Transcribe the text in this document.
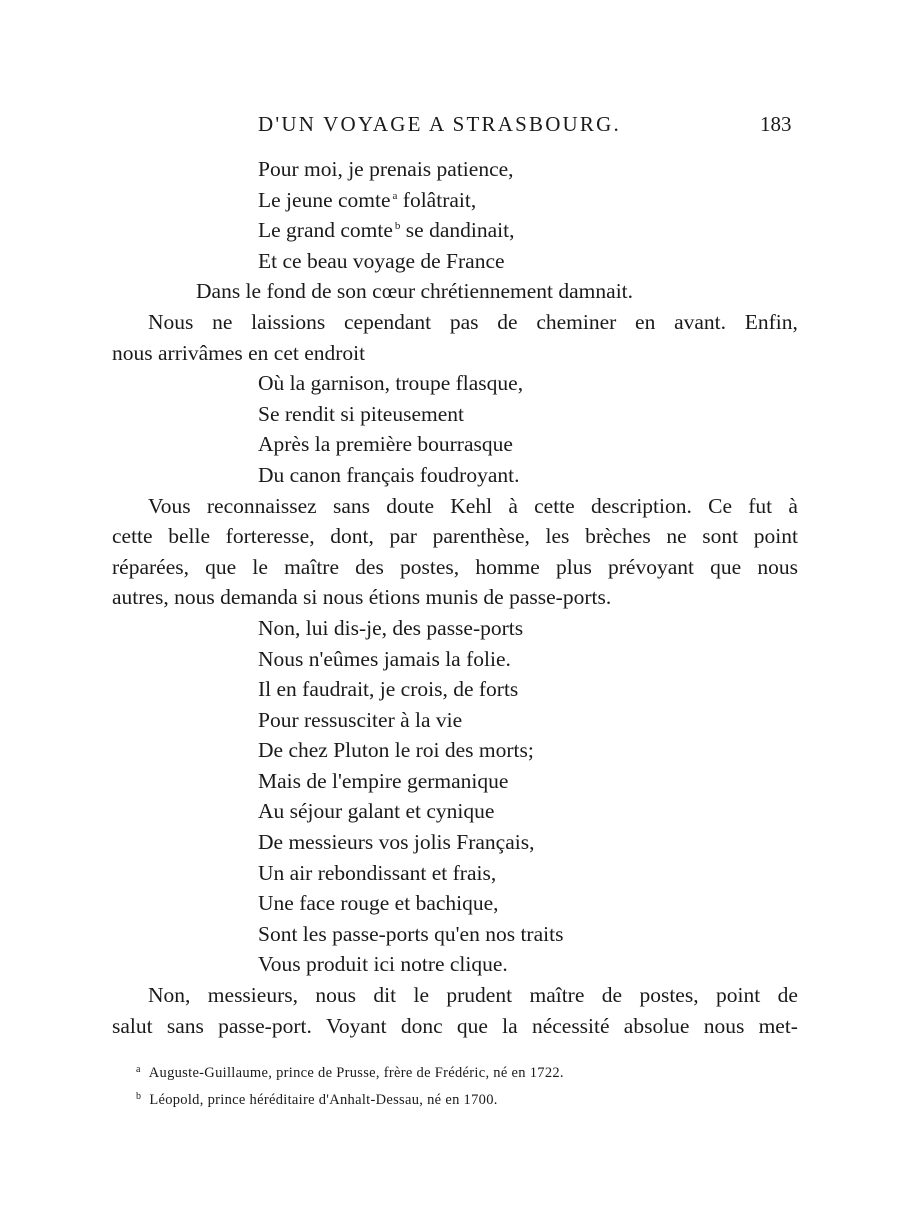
D'UN VOYAGE A STRASBOURG.	183
Pour moi, je prenais patience,
Le jeune comte $^a$ folâtrait,
Le grand comte $^b$ se dandinait,
Et ce beau voyage de France
Dans le fond de son cœur chrétiennement damnait.
Nous ne laissions cependant pas de cheminer en avant. Enfin,
nous arrivâmes en cet endroit
Où la garnison, troupe flasque,
Se rendit si piteusement
Après la première bourrasque
Du canon français foudroyant.
Vous reconnaissez sans doute Kehl à cette description. Ce fut à
cette belle forteresse, dont, par parenthèse, les brèches ne sont point
réparées, que le maître des postes, homme plus prévoyant que nous
autres, nous demanda si nous étions munis de passe-ports.
Non, lui dis-je, des passe-ports
Nous n'eûmes jamais la folie.
Il en faudrait, je crois, de forts
Pour ressusciter à la vie
De chez Pluton le roi des morts;
Mais de l'empire germanique
Au séjour galant et cynique
De messieurs vos jolis Français,
Un air rebondissant et frais,
Une face rouge et bachique,
Sont les passe-ports qu'en nos traits
Vous produit ici notre clique.
Non, messieurs, nous dit le prudent maître de postes, point de
salut sans passe-port. Voyant donc que la nécessité absolue nous met-
$^a$ Auguste-Guillaume, prince de Prusse, frère de Frédéric, né en 1722.
$^b$ Léopold, prince héréditaire d'Anhalt-Dessau, né en 1700.
